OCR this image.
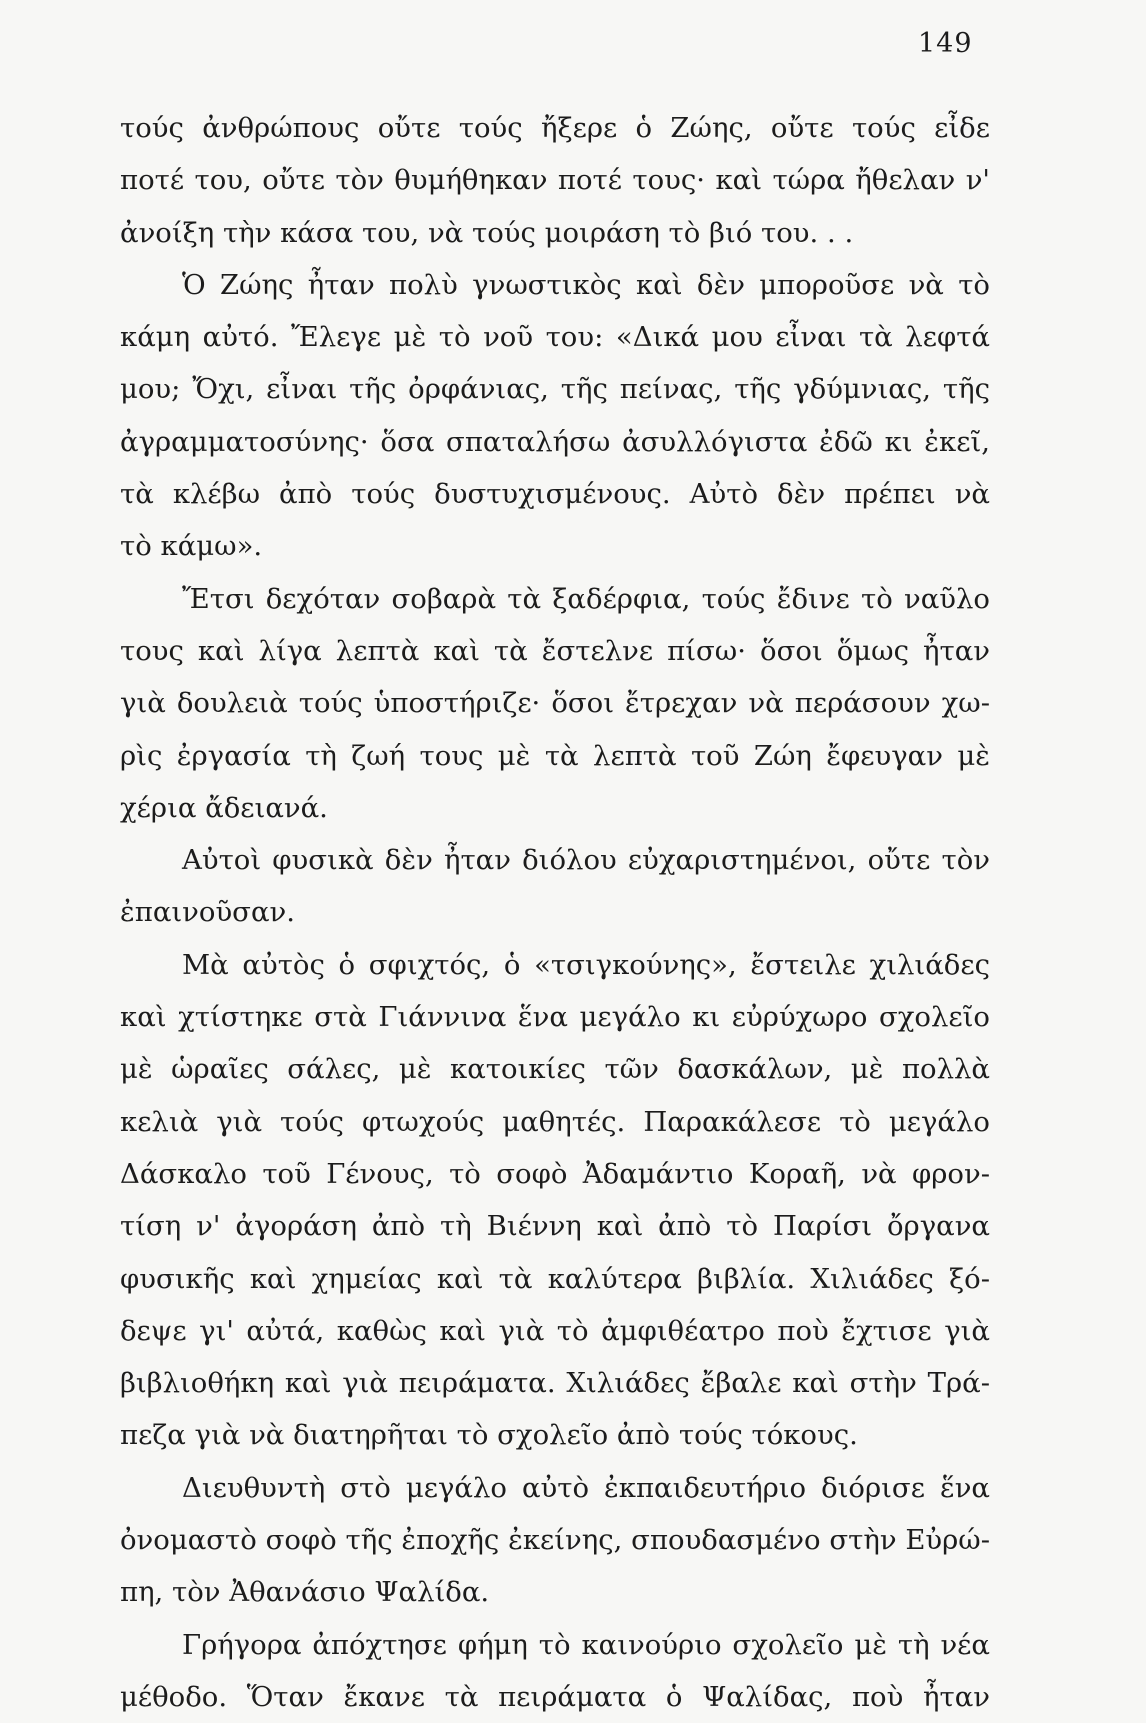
149
τούς ἀνθρώπους οὔτε τούς ἤξερε ὁ Ζώης, οὔτε τούς εἶδε
ποτέ του, οὔτε τὸν θυμήθηκαν ποτέ τους· καὶ τώρα ἤθελαν ν'
ἀνοίξη τὴν κάσα του, νὰ τούς μοιράση τὸ βιό του. . .
Ὁ Ζώης ἦταν πολὺ γνωστικὸς καὶ δὲν μποροῦσε νὰ τὸ
κάμη αὐτό. Ἔλεγε μὲ τὸ νοῦ του: «Δικά μου εἶναι τὰ λεφτά
μου; Ὄχι, εἶναι τῆς ὀρφάνιας, τῆς πείνας, τῆς γδύμνιας, τῆς
ἀγραμματοσύνης· ὅσα σπαταλήσω ἀσυλλόγιστα ἐδῶ κι ἐκεῖ,
τὰ κλέβω ἀπὸ τούς δυστυχισμένους. Αὐτὸ δὲν πρέπει νὰ
τὸ κάμω».
Ἔτσι δεχόταν σοβαρὰ τὰ ξαδέρφια, τούς ἔδινε τὸ ναῦλο
τους καὶ λίγα λεπτὰ καὶ τὰ ἔστελνε πίσω· ὅσοι ὅμως ἦταν
γιὰ δουλειὰ τούς ὑποστήριζε· ὅσοι ἔτρεχαν νὰ περάσουν χω-
ρὶς ἐργασία τὴ ζωή τους μὲ τὰ λεπτὰ τοῦ Ζώη ἔφευγαν μὲ
χέρια ἄδειανά.
Αὐτοὶ φυσικὰ δὲν ἦταν διόλου εὐχαριστημένοι, οὔτε τὸν
ἐπαινοῦσαν.
Μὰ αὐτὸς ὁ σφιχτός, ὁ «τσιγκούνης», ἔστειλε χιλιάδες
καὶ χτίστηκε στὰ Γιάννινα ἕνα μεγάλο κι εὐρύχωρο σχολεῖο
μὲ ὡραῖες σάλες, μὲ κατοικίες τῶν δασκάλων, μὲ πολλὰ
κελιὰ γιὰ τούς φτωχούς μαθητές. Παρακάλεσε τὸ μεγάλο
Δάσκαλο τοῦ Γένους, τὸ σοφὸ Ἀδαμάντιο Κοραῆ, νὰ φρον-
τίση ν' ἀγοράση ἀπὸ τὴ Βιέννη καὶ ἀπὸ τὸ Παρίσι ὄργανα
φυσικῆς καὶ χημείας καὶ τὰ καλύτερα βιβλία. Χιλιάδες ξό-
δεψε γι' αὐτά, καθὼς καὶ γιὰ τὸ ἀμφιθέατρο ποὺ ἔχτισε γιὰ
βιβλιοθήκη καὶ γιὰ πειράματα. Χιλιάδες ἔβαλε καὶ στὴν Τρά-
πεζα γιὰ νὰ διατηρῆται τὸ σχολεῖο ἀπὸ τούς τόκους.
Διευθυντὴ στὸ μεγάλο αὐτὸ ἐκπαιδευτήριο διόρισε ἕνα
ὀνομαστὸ σοφὸ τῆς ἐποχῆς ἐκείνης, σπουδασμένο στὴν Εὐρώ-
πη, τὸν Ἀθανάσιο Ψαλίδα.
Γρήγορα ἀπόχτησε φήμη τὸ καινούριο σχολεῖο μὲ τὴ νέα
μέθοδο. Ὅταν ἔκανε τὰ πειράματα ὁ Ψαλίδας, ποὺ ἦταν
